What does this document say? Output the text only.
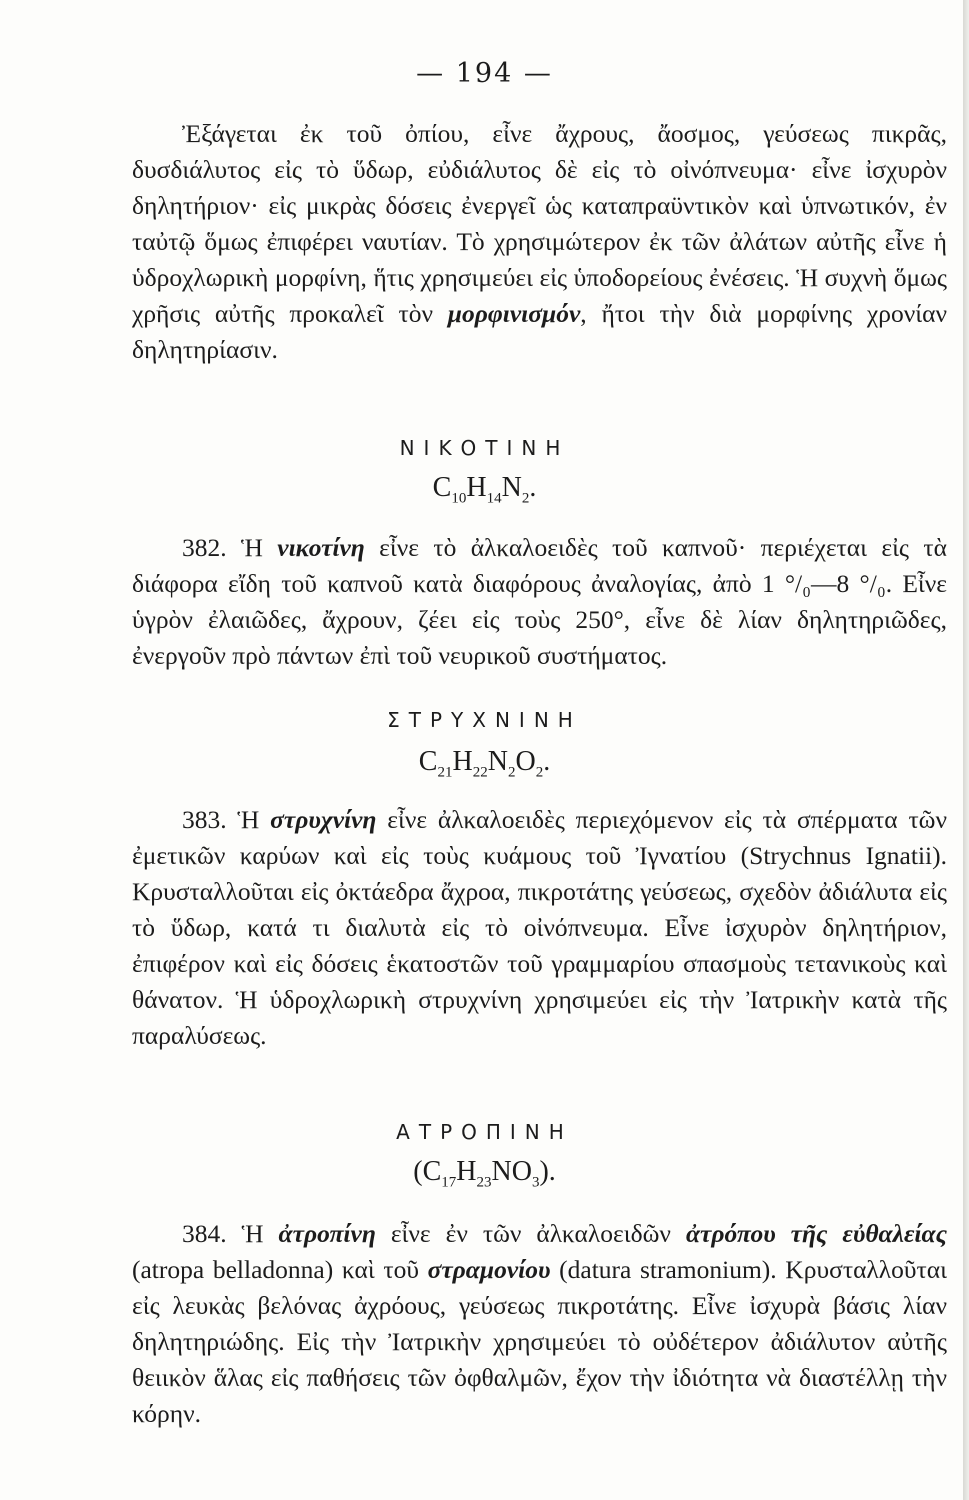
— 194 —

Ἐξάγεται ἐκ τοῦ ὀπίου, εἶνε ἄχρους, ἄοσμος, γεύσεως πικρᾶς, δυσδιάλυτος εἰς τὸ ὕδωρ, εὐδιάλυτος δὲ εἰς τὸ οἰνόπνευμα· εἶνε ἰσχυρὸν δηλητήριον· εἰς μικρὰς δόσεις ἐνεργεῖ ὡς καταπραϋντικὸν καὶ ὑπνωτικόν, ἐν ταὐτῷ ὅμως ἐπιφέρει ναυτίαν. Τὸ χρησιμώτερον ἐκ τῶν ἀλάτων αὐτῆς εἶνε ἡ ὑδροχλωρικὴ μορφίνη, ἥτις χρησιμεύει εἰς ὑποδορείους ἐνέσεις. Ἡ συχνὴ ὅμως χρῆσις αὐτῆς προκαλεῖ τὸν μορφινισμόν, ἤτοι τὴν διὰ μορφίνης χρονίαν δηλητηρίασιν.

ΝΙΚΟΤΙΝΗ
$C_{10}H_{14}N_2$.

382. Ἡ νικοτίνη εἶνε τὸ ἀλκαλοειδὲς τοῦ καπνοῦ· περιέχεται εἰς τὰ διάφορα εἴδη τοῦ καπνοῦ κατὰ διαφόρους ἀναλογίας, ἀπὸ 1 °/₀—8 °/₀. Εἶνε ὑγρὸν ἐλαιῶδες, ἄχρουν, ζέει εἰς τοὺς 250°, εἶνε δὲ λίαν δηλητηριῶδες, ἐνεργοῦν πρὸ πάντων ἐπὶ τοῦ νευρικοῦ συστήματος.

ΣΤΡΥΧΝΙΝΗ
$C_{21}H_{22}N_2O_2$.

383. Ἡ στρυχνίνη εἶνε ἀλκαλοειδὲς περιεχόμενον εἰς τὰ σπέρματα τῶν ἐμετικῶν καρύων καὶ εἰς τοὺς κυάμους τοῦ Ἰγνατίου (Strychnus Ignatii). Κρυσταλλοῦται εἰς ὀκτάεδρα ἄχροα, πικροτάτης γεύσεως, σχεδὸν ἀδιάλυτα εἰς τὸ ὕδωρ, κατά τι διαλυτὰ εἰς τὸ οἰνόπνευμα. Εἶνε ἰσχυρὸν δηλητήριον, ἐπιφέρον καὶ εἰς δόσεις ἑκατοστῶν τοῦ γραμμαρίου σπασμοὺς τετανικοὺς καὶ θάνατον. Ἡ ὑδροχλωρικὴ στρυχνίνη χρησιμεύει εἰς τὴν Ἰατρικὴν κατὰ τῆς παραλύσεως.

ΑΤΡΟΠΙΝΗ
$(C_{17}H_{23}NO_3)$.

384. Ἡ ἀτροπίνη εἶνε ἐν τῶν ἀλκαλοειδῶν ἀτρόπου τῆς εὐθαλείας (atropa belladonna) καὶ τοῦ στραμονίου (datura stramonium). Κρυσταλλοῦται εἰς λευκὰς βελόνας ἀχρόους, γεύσεως πικροτάτης. Εἶνε ἰσχυρὰ βάσις λίαν δηλητηριώδης. Εἰς τὴν Ἰατρικὴν χρησιμεύει τὸ οὐδέτερον ἀδιάλυτον αὐτῆς θειικὸν ἅλας εἰς παθήσεις τῶν ὀφθαλμῶν, ἔχον τὴν ἰδιότητα νὰ διαστέλλῃ τὴν κόρην.
